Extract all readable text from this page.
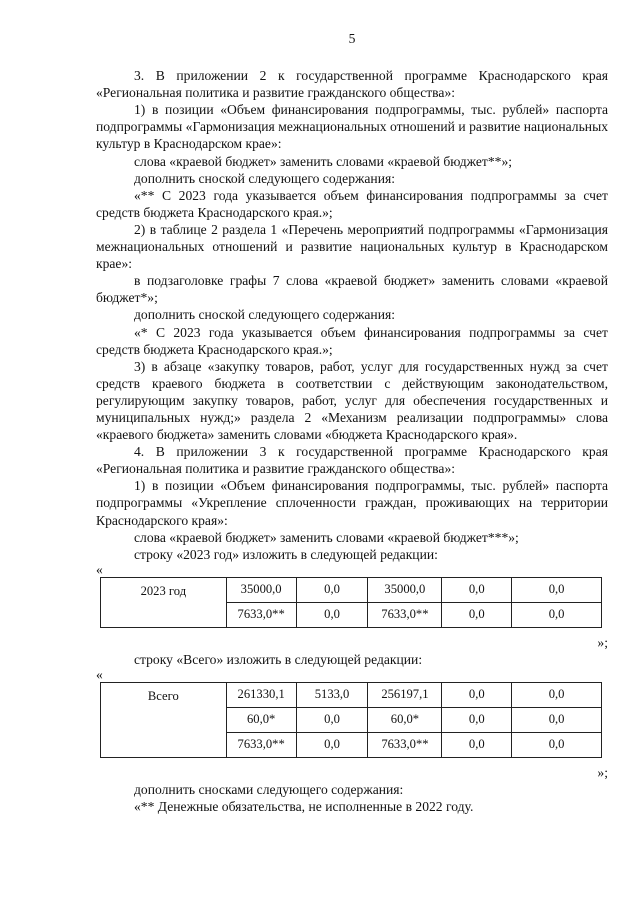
5

3. В приложении 2 к государственной программе Краснодарского края «Региональная политика и развитие гражданского общества»:

1) в позиции «Объем финансирования подпрограммы, тыс. рублей» паспорта подпрограммы «Гармонизация межнациональных отношений и развитие национальных культур в Краснодарском крае»:

слова «краевой бюджет» заменить словами «краевой бюджет**»;

дополнить сноской следующего содержания:

«** С 2023 года указывается объем финансирования подпрограммы за счет средств бюджета Краснодарского края.»;

2) в таблице 2 раздела 1 «Перечень мероприятий подпрограммы «Гармонизация межнациональных отношений и развитие национальных культур в Краснодарском крае»:

в подзаголовке графы 7 слова «краевой бюджет» заменить словами «краевой бюджет*»;

дополнить сноской следующего содержания:

«* С 2023 года указывается объем финансирования подпрограммы за счет средств бюджета Краснодарского края.»;

3) в абзаце «закупку товаров, работ, услуг для государственных нужд за счет средств краевого бюджета в соответствии с действующим законодательством, регулирующим закупку товаров, работ, услуг для обеспечения государственных и муниципальных нужд;» раздела 2 «Механизм реализации подпрограммы» слова «краевого бюджета» заменить словами «бюджета Краснодарского края».

4. В приложении 3 к государственной программе Краснодарского края «Региональная политика и развитие гражданского общества»:

1) в позиции «Объем финансирования подпрограммы, тыс. рублей» паспорта подпрограммы «Укрепление сплоченности граждан, проживающих на территории Краснодарского края»:

слова «краевой бюджет» заменить словами «краевой бюджет***»;

строку «2023 год» изложить в следующей редакции:

«

2023 год	35000,0	0,0	35000,0	0,0	0,0
	7633,0**	0,0	7633,0**	0,0	0,0

»;

строку «Всего» изложить в следующей редакции:

«

Всего	261330,1	5133,0	256197,1	0,0	0,0
	60,0*	0,0	60,0*	0,0	0,0
	7633,0**	0,0	7633,0**	0,0	0,0

»;

дополнить сносками следующего содержания:

«** Денежные обязательства, не исполненные в 2022 году.
